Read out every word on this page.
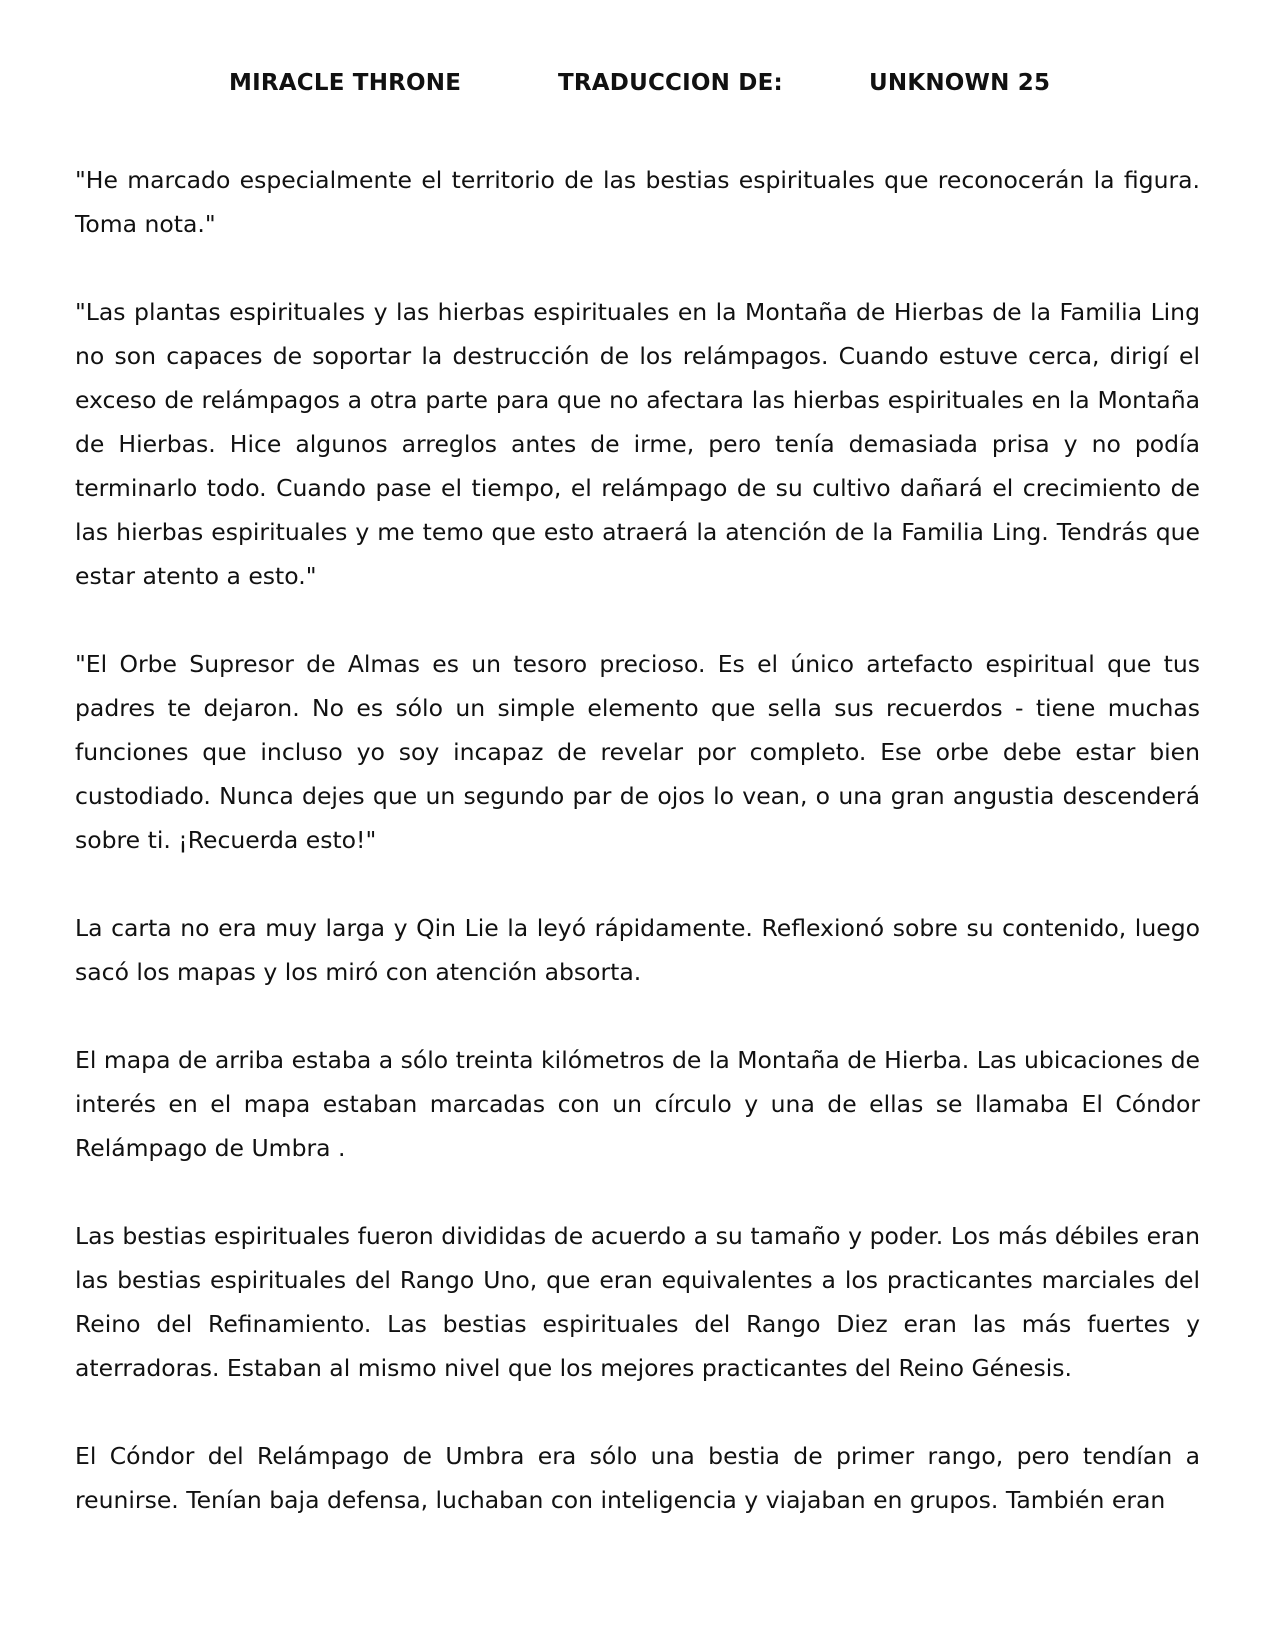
MIRACLE THRONE	TRADUCCION DE:	UNKNOWN 25

"He marcado especialmente el territorio de las bestias espirituales que reconocerán la figura. Toma nota."

"Las plantas espirituales y las hierbas espirituales en la Montaña de Hierbas de la Familia Ling no son capaces de soportar la destrucción de los relámpagos. Cuando estuve cerca, dirigí el exceso de relámpagos a otra parte para que no afectara las hierbas espirituales en la Montaña de Hierbas. Hice algunos arreglos antes de irme, pero tenía demasiada prisa y no podía terminarlo todo. Cuando pase el tiempo, el relámpago de su cultivo dañará el crecimiento de las hierbas espirituales y me temo que esto atraerá la atención de la Familia Ling. Tendrás que estar atento a esto."

"El Orbe Supresor de Almas es un tesoro precioso. Es el único artefacto espiritual que tus padres te dejaron. No es sólo un simple elemento que sella sus recuerdos - tiene muchas funciones que incluso yo soy incapaz de revelar por completo. Ese orbe debe estar bien custodiado. Nunca dejes que un segundo par de ojos lo vean, o una gran angustia descenderá sobre ti. ¡Recuerda esto!"

La carta no era muy larga y Qin Lie la leyó rápidamente. Reflexionó sobre su contenido, luego sacó los mapas y los miró con atención absorta.

El mapa de arriba estaba a sólo treinta kilómetros de la Montaña de Hierba. Las ubicaciones de interés en el mapa estaban marcadas con un círculo y una de ellas se llamaba El Cóndor Relámpago de Umbra .

Las bestias espirituales fueron divididas de acuerdo a su tamaño y poder. Los más débiles eran las bestias espirituales del Rango Uno, que eran equivalentes a los practicantes marciales del Reino del Refinamiento. Las bestias espirituales del Rango Diez eran las más fuertes y aterradoras. Estaban al mismo nivel que los mejores practicantes del Reino Génesis.

El Cóndor del Relámpago de Umbra era sólo una bestia de primer rango, pero tendían a reunirse. Tenían baja defensa, luchaban con inteligencia y viajaban en grupos. También eran
